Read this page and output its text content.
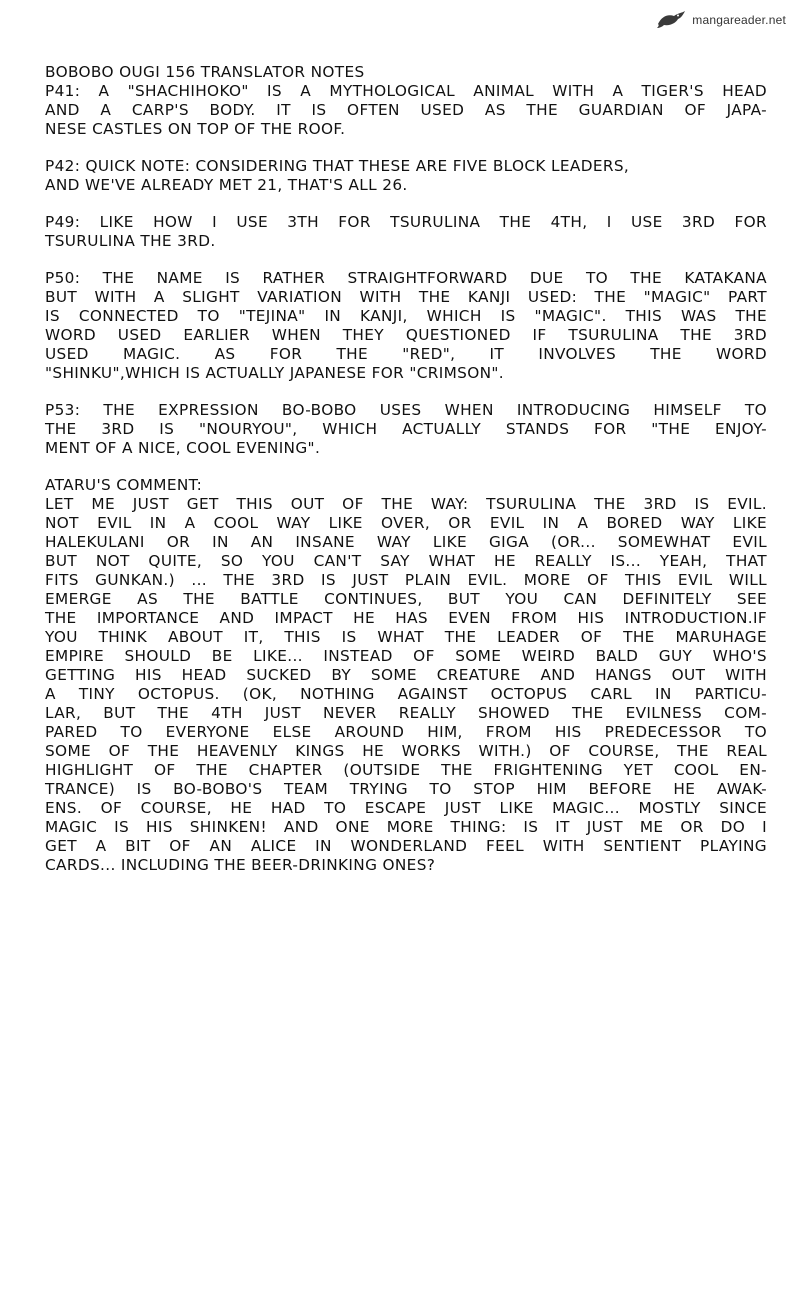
mangareader.net
BOBOBO OUGI 156 TRANSLATOR NOTES
P41: A "SHACHIHOKO" IS A MYTHOLOGICAL ANIMAL WITH A TIGER'S HEAD
AND A CARP'S BODY. IT IS OFTEN USED AS THE GUARDIAN OF JAPA-
NESE CASTLES ON TOP OF THE ROOF.
P42: QUICK NOTE: CONSIDERING THAT THESE ARE FIVE BLOCK LEADERS,
AND WE'VE ALREADY MET 21, THAT'S ALL 26.
P49: LIKE HOW I USE 3TH FOR TSURULINA THE 4TH, I USE 3RD FOR
TSURULINA THE 3RD.
P50: THE NAME IS RATHER STRAIGHTFORWARD DUE TO THE KATAKANA
BUT WITH A SLIGHT VARIATION WITH THE KANJI USED: THE "MAGIC" PART
IS CONNECTED TO "TEJINA" IN KANJI, WHICH IS "MAGIC". THIS WAS THE
WORD USED EARLIER WHEN THEY QUESTIONED IF TSURULINA THE 3RD
USED MAGIC. AS FOR THE "RED", IT INVOLVES THE WORD
"SHINKU",WHICH IS ACTUALLY JAPANESE FOR "CRIMSON".
P53: THE EXPRESSION BO-BOBO USES WHEN INTRODUCING HIMSELF TO
THE 3RD IS "NOURYOU", WHICH ACTUALLY STANDS FOR "THE ENJOY-
MENT OF A NICE, COOL EVENING".
ATARU'S COMMENT:
LET ME JUST GET THIS OUT OF THE WAY: TSURULINA THE 3RD IS EVIL.
NOT EVIL IN A COOL WAY LIKE OVER, OR EVIL IN A BORED WAY LIKE
HALEKULANI OR IN AN INSANE WAY LIKE GIGA (OR... SOMEWHAT EVIL
BUT NOT QUITE, SO YOU CAN'T SAY WHAT HE REALLY IS... YEAH, THAT
FITS GUNKAN.) ... THE 3RD IS JUST PLAIN EVIL. MORE OF THIS EVIL WILL
EMERGE AS THE BATTLE CONTINUES, BUT YOU CAN DEFINITELY SEE
THE IMPORTANCE AND IMPACT HE HAS EVEN FROM HIS INTRODUCTION.IF
YOU THINK ABOUT IT, THIS IS WHAT THE LEADER OF THE MARUHAGE
EMPIRE SHOULD BE LIKE... INSTEAD OF SOME WEIRD BALD GUY WHO'S
GETTING HIS HEAD SUCKED BY SOME CREATURE AND HANGS OUT WITH
A TINY OCTOPUS. (OK, NOTHING AGAINST OCTOPUS CARL IN PARTICU-
LAR, BUT THE 4TH JUST NEVER REALLY SHOWED THE EVILNESS COM-
PARED TO EVERYONE ELSE AROUND HIM, FROM HIS PREDECESSOR TO
SOME OF THE HEAVENLY KINGS HE WORKS WITH.) OF COURSE, THE REAL
HIGHLIGHT OF THE CHAPTER (OUTSIDE THE FRIGHTENING YET COOL EN-
TRANCE) IS BO-BOBO'S TEAM TRYING TO STOP HIM BEFORE HE AWAK-
ENS. OF COURSE, HE HAD TO ESCAPE JUST LIKE MAGIC... MOSTLY SINCE
MAGIC IS HIS SHINKEN! AND ONE MORE THING: IS IT JUST ME OR DO I
GET A BIT OF AN ALICE IN WONDERLAND FEEL WITH SENTIENT PLAYING
CARDS... INCLUDING THE BEER-DRINKING ONES?
